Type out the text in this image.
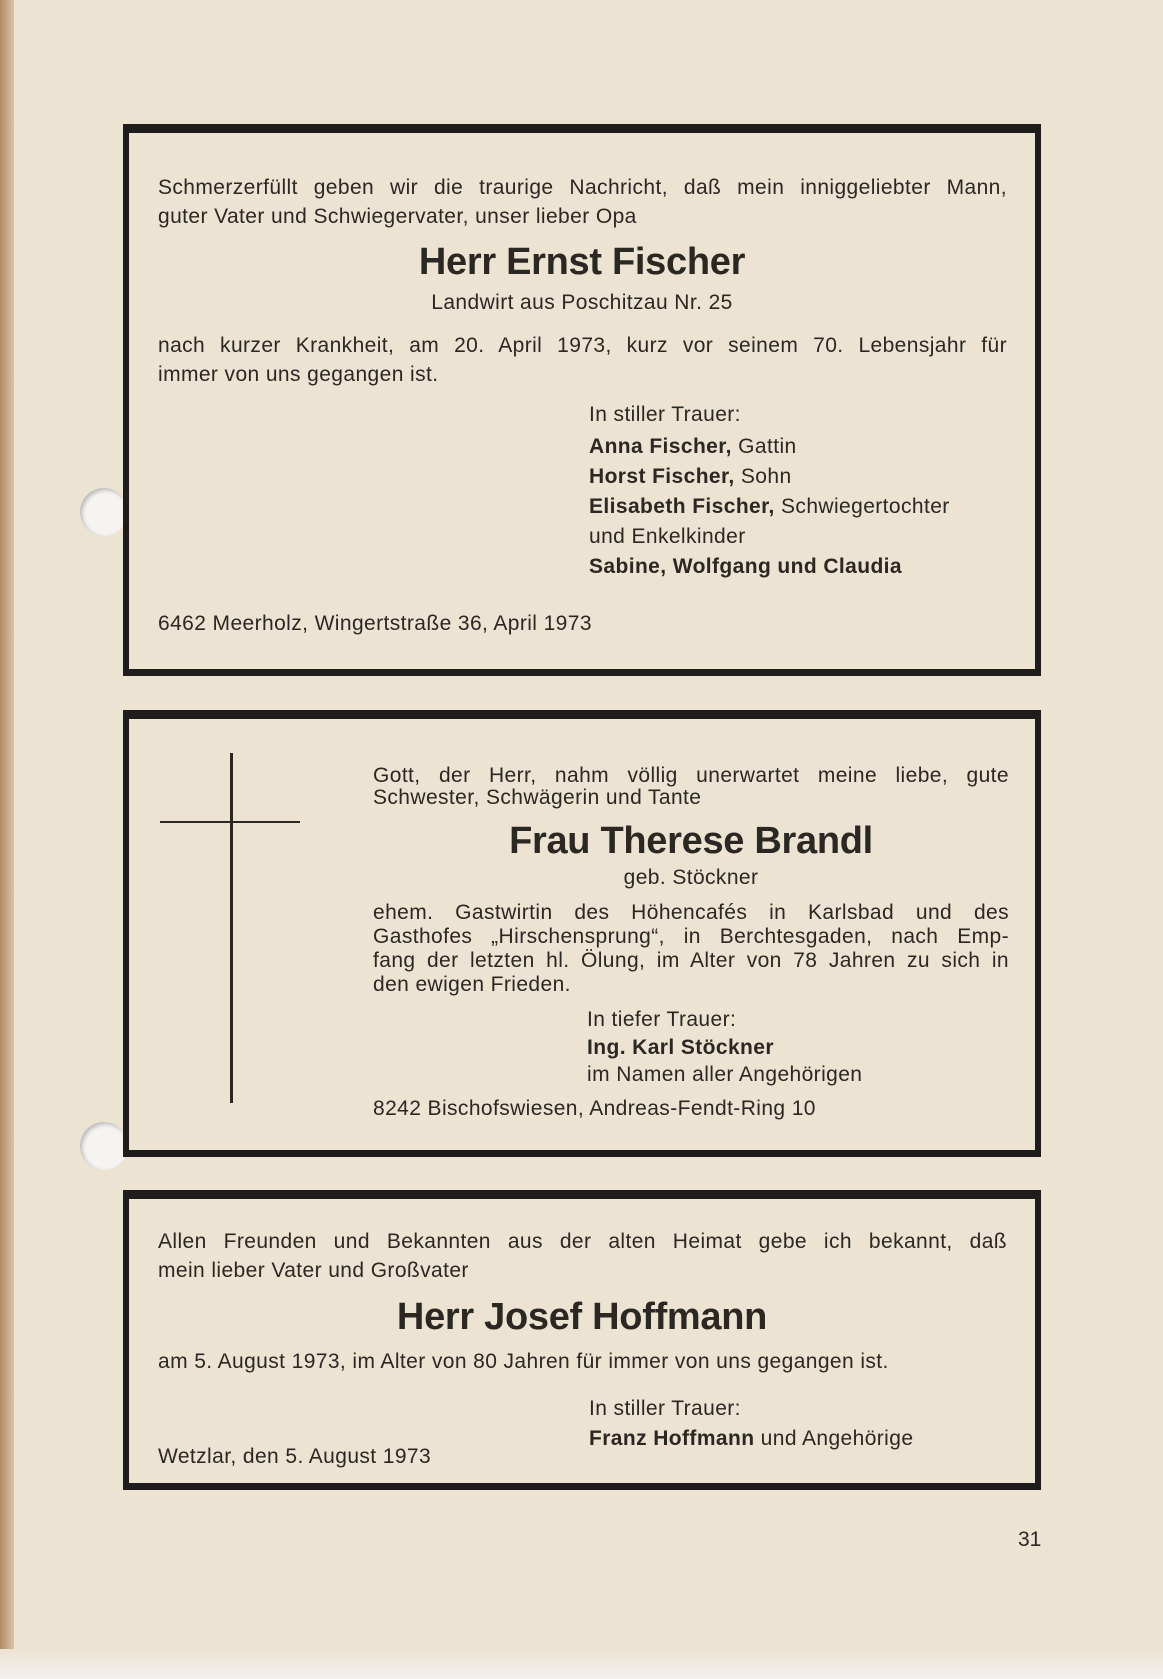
Schmerzerfüllt geben wir die traurige Nachricht, daß mein inniggeliebter Mann,

guter Vater und Schwiegervater, unser lieber Opa

Herr Ernst Fischer
Landwirt aus Poschitzau Nr. 25

nach kurzer Krankheit, am 20. April 1973, kurz vor seinem 70. Lebensjahr für

immer von uns gegangen ist.

In stiller Trauer:
Anna Fischer, Gattin
Horst Fischer, Sohn
Elisabeth Fischer, Schwiegertochter
und Enkelkinder
Sabine, Wolfgang und Claudia
6462 Meerholz, Wingertstraße 36, April 1973

Gott, der Herr, nahm völlig unerwartet meine liebe, gute

Schwester, Schwägerin und Tante

Frau Therese Brandl
geb. Stöckner

ehem. Gastwirtin des Höhencafés in Karlsbad und des

Gasthofes „Hirschensprung“, in Berchtesgaden, nach Emp-

fang der letzten hl. Ölung, im Alter von 78 Jahren zu sich in

den ewigen Frieden.

In tiefer Trauer:
Ing. Karl Stöckner
im Namen aller Angehörigen
8242 Bischofswiesen, Andreas-Fendt-Ring 10

Allen Freunden und Bekannten aus der alten Heimat gebe ich bekannt, daß

mein lieber Vater und Großvater

Herr Josef Hoffmann

am 5. August 1973, im Alter von 80 Jahren für immer von uns gegangen ist.

In stiller Trauer:
Franz Hoffmann und Angehörige
Wetzlar, den 5. August 1973
31
